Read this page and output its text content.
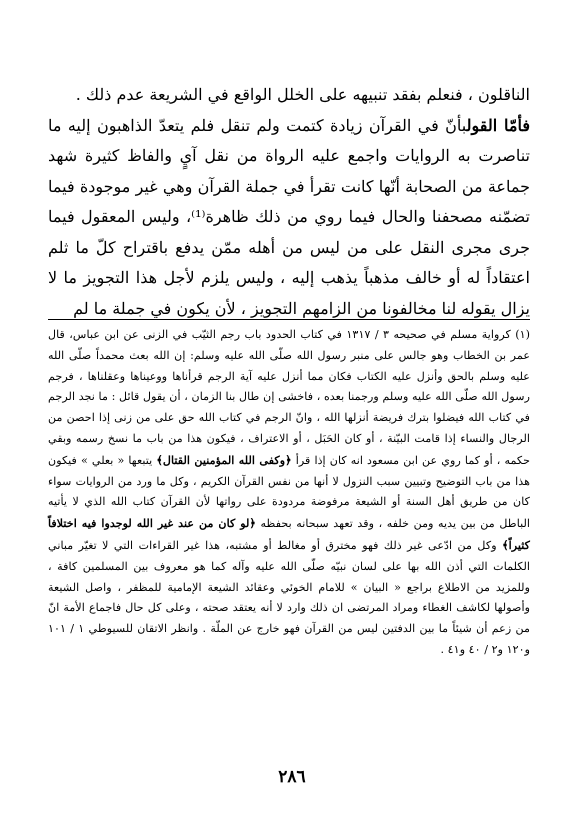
الناقلون ، فنعلم بفقد تنبيهه على الخلل الواقع في الشريعة عدم ذلك .

فأمّا القولبأنّ في القرآن زيادة كتمت ولم تنقل فلم يتعدّ الذاهبون إليه ما تناصرت به الروايات واجمع عليه الرواة من نقل آيٍ والفاظ كثيرة شهد جماعة من الصحابة أنّها كانت تقرأ في جملة القرآن وهي غير موجودة فيما تضمّنه مصحفنا والحال فيما روي من ذلك ظاهرة⁽¹⁾، وليس المعقول فيما جرى مجرى النقل على من ليس من أهله ممّن يدفع باقتراح كلّ ما ثلم اعتقاداً له أو خالف مذهباً يذهب إليه ، وليس يلزم لأجل هذا التجويز ما لا يزال يقوله لنا مخالفونا من الزامهم التجويز ، لأن يكون في جملة ما لم

(١) كرواية مسلم في صحيحه ٣ / ١٣١٧ في كتاب الحدود باب رجم الثيّب في الزنى عن ابن عباس، قال عمر بن الخطاب وهو جالس على منبر رسول الله صلّى الله عليه وسلم: إن الله بعث محمداً صلّى الله عليه وسلم بالحق وأنزل عليه الكتاب فكان مما أنزل عليه آية الرجم قرأناها ووعيناها وعقلناها ، فرجم رسول الله صلّى الله عليه وسلم ورجمنا بعده ، فاخشى إن طال بنا الزمان ، أن يقول قائل : ما نجد الرجم في كتاب الله فيضلوا بترك فريضة أنزلها الله ، وانّ الرجم في كتاب الله حق على من زنى إذا احصن من الرجال والنساء إذا قامت البيّنة ، أو كان الحَبَل ، أو الاعتراف ، فيكون هذا من باب ما نسخ رسمه وبقي حكمه ، أو كما روي عن ابن مسعود انه كان إذا قرأ ﴿وكفى الله المؤمنين القتال﴾ يتبعها « بعلي » فيكون هذا من باب التوضيح وتبيين سبب النزول لا أنها من نفس القرآن الكريم ، وكل ما ورد من الروايات سواء كان من طريق أهل السنة أو الشيعة مرفوضة مردودة على رواتها لأن القرآن كتاب الله الذي لا يأتيه الباطل من بين يديه ومن خلفه ، وقد تعهد سبحانه بحفظه ﴿لو كان من عند غير الله لوجدوا فيه اختلافاً كثيراً﴾ وكل من ادّعى غير ذلك فهو مخترق أو مغالط أو مشتبه، هذا غير القراءات التي لا تغيّر مباني الكلمات التي أذن الله بها على لسان نبيّه صلّى الله عليه وآله كما هو معروف بين المسلمين كافة ، وللمزيد من الاطلاع براجع « البيان » للامام الخوئي وعقائد الشيعة الإمامية للمظفر ، واصل الشيعة وأصولها لكاشف الغطاء ومراد المرتضى ان ذلك وارد لا أنه يعتقد صحته ، وعلى كل حال فاجماع الأمة انّ من زعم أن شيئاً ما بين الدفتين ليس من القرآن فهو خارج عن الملّة . وانظر الاتقان للسيوطي ١ / ١٠١ و١٢٠ و٢ / ٤٠ و٤١ .

٢٨٦
